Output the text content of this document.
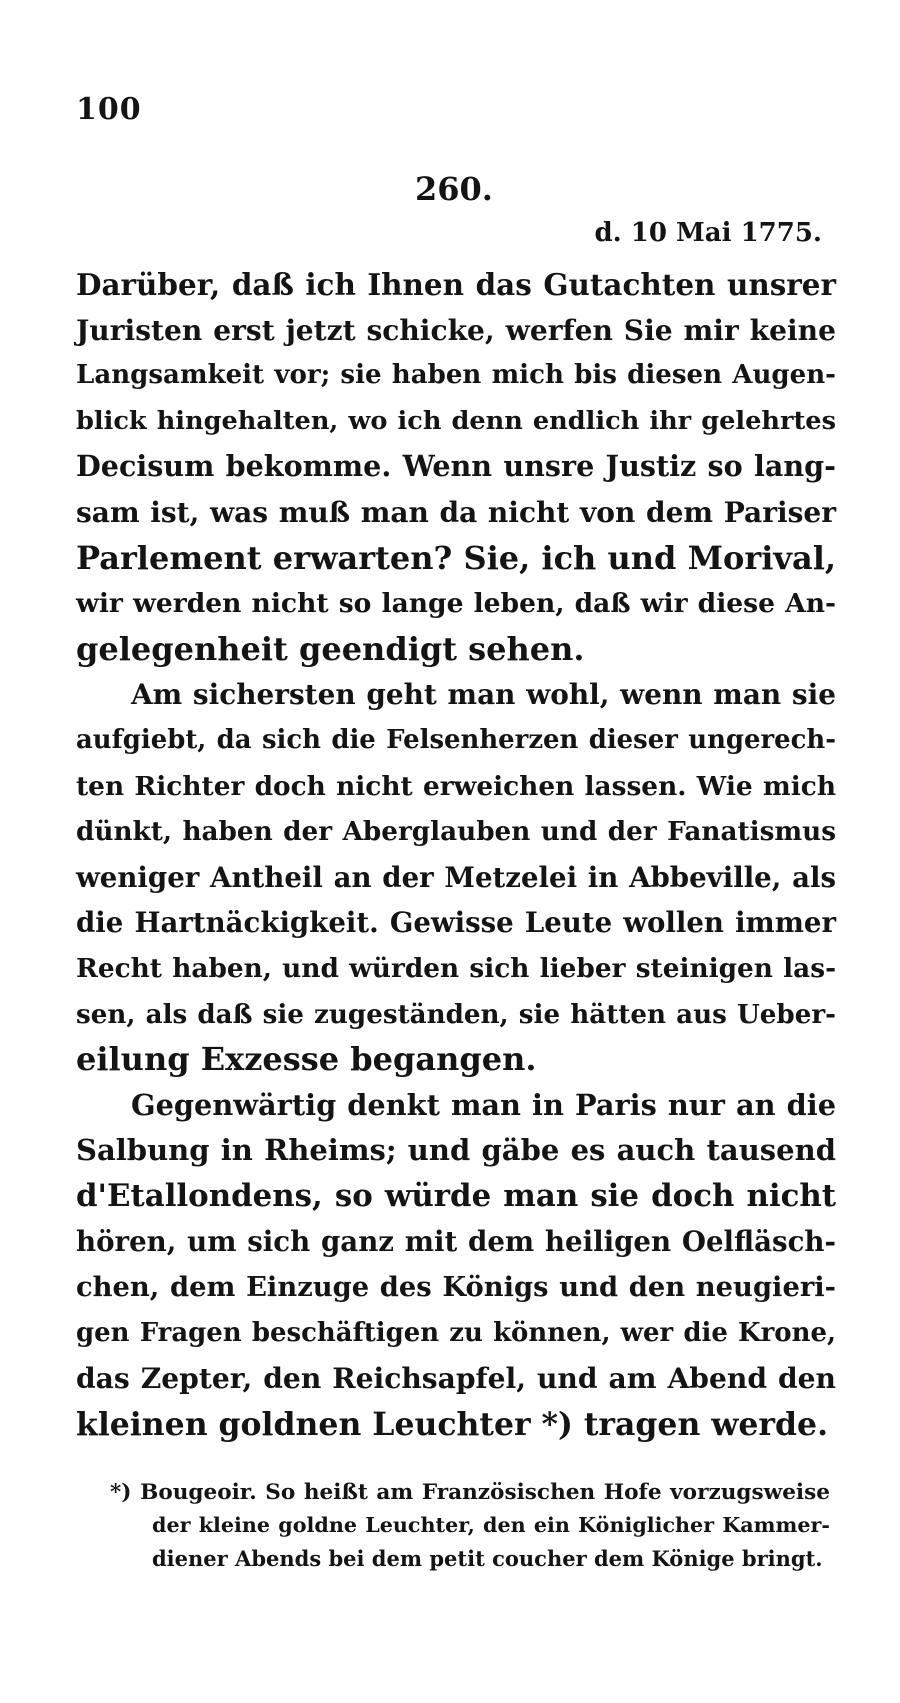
100
260.
d. 10 Mai 1775.
Darüber, daß ich Ihnen das Gutachten unsrer
Juristen erst jetzt schicke, werfen Sie mir keine
Langsamkeit vor; sie haben mich bis diesen Augen-
blick hingehalten, wo ich denn endlich ihr gelehrtes
Decisum bekomme. Wenn unsre Justiz so lang-
sam ist, was muß man da nicht von dem Pariser
Parlement erwarten? Sie, ich und Morival,
wir werden nicht so lange leben, daß wir diese An-
gelegenheit geendigt sehen.
Am sichersten geht man wohl, wenn man sie
aufgiebt, da sich die Felsenherzen dieser ungerech-
ten Richter doch nicht erweichen lassen. Wie mich
dünkt, haben der Aberglauben und der Fanatismus
weniger Antheil an der Metzelei in Abbeville, als
die Hartnäckigkeit. Gewisse Leute wollen immer
Recht haben, und würden sich lieber steinigen las-
sen, als daß sie zugeständen, sie hätten aus Ueber-
eilung Exzesse begangen.
Gegenwärtig denkt man in Paris nur an die
Salbung in Rheims; und gäbe es auch tausend
d'Etallondens, so würde man sie doch nicht
hören, um sich ganz mit dem heiligen Oelfläsch-
chen, dem Einzuge des Königs und den neugieri-
gen Fragen beschäftigen zu können, wer die Krone,
das Zepter, den Reichsapfel, und am Abend den
kleinen goldnen Leuchter *) tragen werde.
*) Bougeoir. So heißt am Französischen Hofe vorzugsweise
der kleine goldne Leuchter, den ein Königlicher Kammer-
diener Abends bei dem petit coucher dem Könige bringt.
